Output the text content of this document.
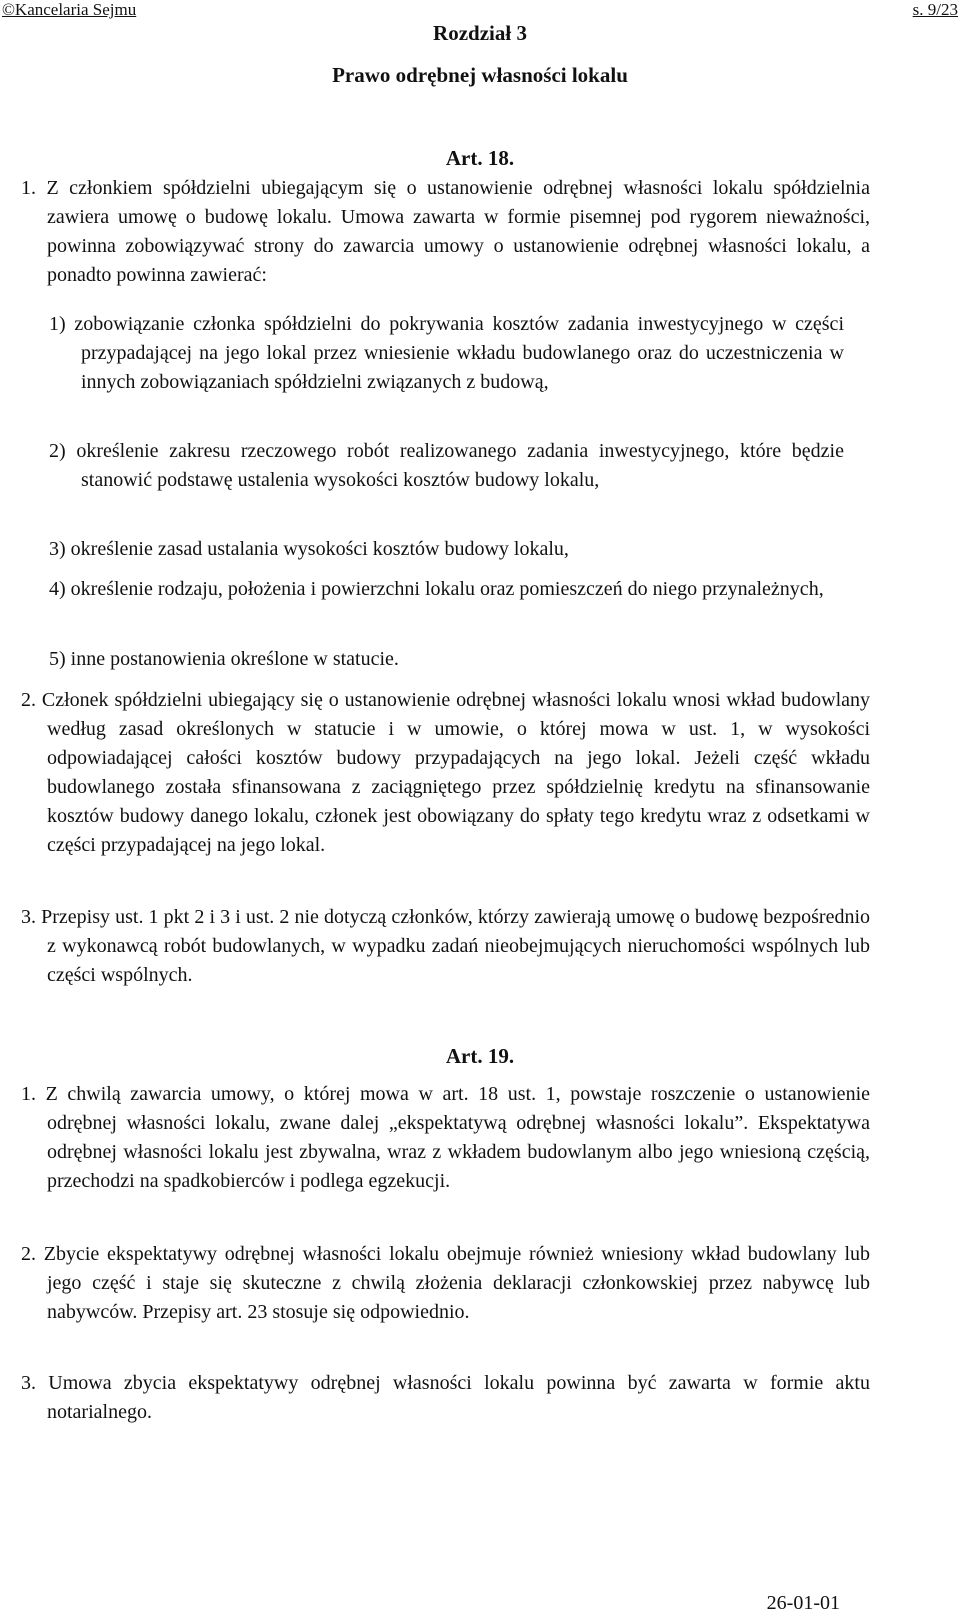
©Kancelaria Sejmu	s. 9/23
Rozdział 3
Prawo odrębnej własności lokalu
Art. 18.
1. Z członkiem spółdzielni ubiegającym się o ustanowienie odrębnej własności lokalu spółdzielnia zawiera umowę o budowę lokalu. Umowa zawarta w formie pisemnej pod rygorem nieważności, powinna zobowiązywać strony do zawarcia umowy o ustanowienie odrębnej własności lokalu, a ponadto powinna zawierać:
1) zobowiązanie członka spółdzielni do pokrywania kosztów zadania inwestycyjnego w części przypadającej na jego lokal przez wniesienie wkładu budowlanego oraz do uczestniczenia w innych zobowiązaniach spółdzielni związanych z budową,
2) określenie zakresu rzeczowego robót realizowanego zadania inwestycyjnego, które będzie stanowić podstawę ustalenia wysokości kosztów budowy lokalu,
3) określenie zasad ustalania wysokości kosztów budowy lokalu,
4) określenie rodzaju, położenia i powierzchni lokalu oraz pomieszczeń do niego przynależnych,
5) inne postanowienia określone w statucie.
2. Członek spółdzielni ubiegający się o ustanowienie odrębnej własności lokalu wnosi wkład budowlany według zasad określonych w statucie i w umowie, o której mowa w ust. 1, w wysokości odpowiadającej całości kosztów budowy przypadających na jego lokal. Jeżeli część wkładu budowlanego została sfinansowana z zaciągniętego przez spółdzielnię kredytu na sfinansowanie kosztów budowy danego lokalu, członek jest obowiązany do spłaty tego kredytu wraz z odsetkami w części przypadającej na jego lokal.
3. Przepisy ust. 1 pkt 2 i 3 i ust. 2 nie dotyczą członków, którzy zawierają umowę o budowę bezpośrednio z wykonawcą robót budowlanych, w wypadku zadań nieobejmujących nieruchomości wspólnych lub części wspólnych.
Art. 19.
1. Z chwilą zawarcia umowy, o której mowa w art. 18 ust. 1, powstaje roszczenie o ustanowienie odrębnej własności lokalu, zwane dalej „ekspektatywą odrębnej własności lokalu”. Ekspektatywa odrębnej własności lokalu jest zbywalna, wraz z wkładem budowlanym albo jego wniesioną częścią, przechodzi na spadkobierców i podlega egzekucji.
2. Zbycie ekspektatywy odrębnej własności lokalu obejmuje również wniesiony wkład budowlany lub jego część i staje się skuteczne z chwilą złożenia deklaracji członkowskiej przez nabywcę lub nabywców. Przepisy art. 23 stosuje się odpowiednio.
3. Umowa zbycia ekspektatywy odrębnej własności lokalu powinna być zawarta w formie aktu notarialnego.
26-01-01
